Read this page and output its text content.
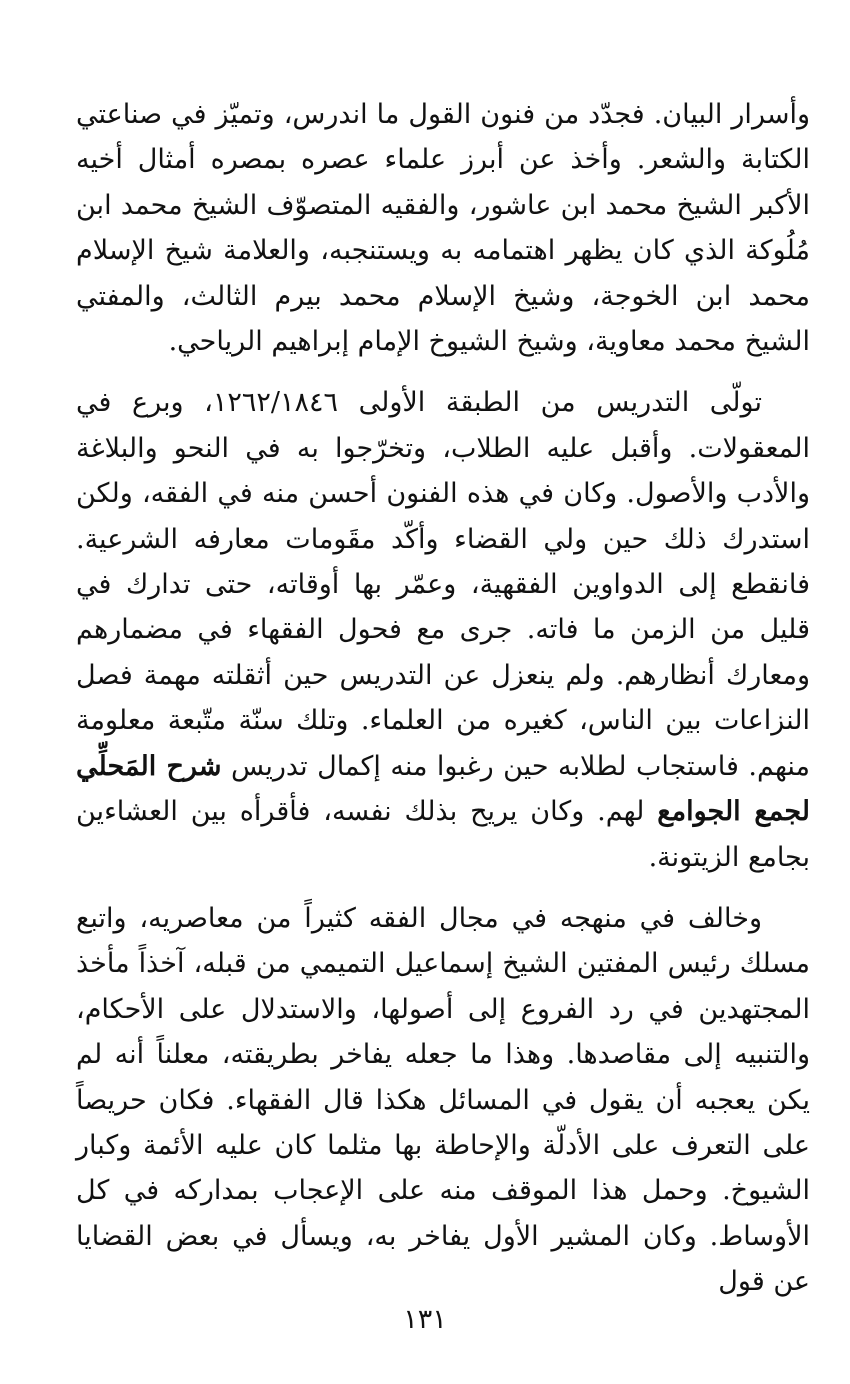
وأسرار البيان. فجدّد من فنون القول ما اندرس، وتميّز في صناعتي الكتابة والشعر. وأخذ عن أبرز علماء عصره بمصره أمثال أخيه الأكبر الشيخ محمد ابن عاشور، والفقيه المتصوّف الشيخ محمد ابن مُلُوكة الذي كان يظهر اهتمامه به ويستنجبه، والعلامة شيخ الإسلام محمد ابن الخوجة، وشيخ الإسلام محمد بيرم الثالث، والمفتي الشيخ محمد معاوية، وشيخ الشيوخ الإمام إبراهيم الرياحي.

تولّى التدريس من الطبقة الأولى ١٢٦٢/١٨٤٦، وبرع في المعقولات. وأقبل عليه الطلاب، وتخرّجوا به في النحو والبلاغة والأدب والأصول. وكان في هذه الفنون أحسن منه في الفقه، ولكن استدرك ذلك حين ولي القضاء وأكّد مقَومات معارفه الشرعية. فانقطع إلى الدواوين الفقهية، وعمّر بها أوقاته، حتى تدارك في قليل من الزمن ما فاته. جرى مع فحول الفقهاء في مضمارهم ومعارك أنظارهم. ولم ينعزل عن التدريس حين أثقلته مهمة فصل النزاعات بين الناس، كغيره من العلماء. وتلك سنّة متّبعة معلومة منهم. فاستجاب لطلابه حين رغبوا منه إكمال تدريس شرح المَحلِّي لجمع الجوامع لهم. وكان يريح بذلك نفسه، فأقرأه بين العشاءين بجامع الزيتونة.

وخالف في منهجه في مجال الفقه كثيراً من معاصريه، واتبع مسلك رئيس المفتين الشيخ إسماعيل التميمي من قبله، آخذاً مأخذ المجتهدين في رد الفروع إلى أصولها، والاستدلال على الأحكام، والتنبيه إلى مقاصدها. وهذا ما جعله يفاخر بطريقته، معلناً أنه لم يكن يعجبه أن يقول في المسائل هكذا قال الفقهاء. فكان حريصاً على التعرف على الأدلّة والإحاطة بها مثلما كان عليه الأئمة وكبار الشيوخ. وحمل هذا الموقف منه على الإعجاب بمداركه في كل الأوساط. وكان المشير الأول يفاخر به، ويسأل في بعض القضايا عن قول

١٣١
